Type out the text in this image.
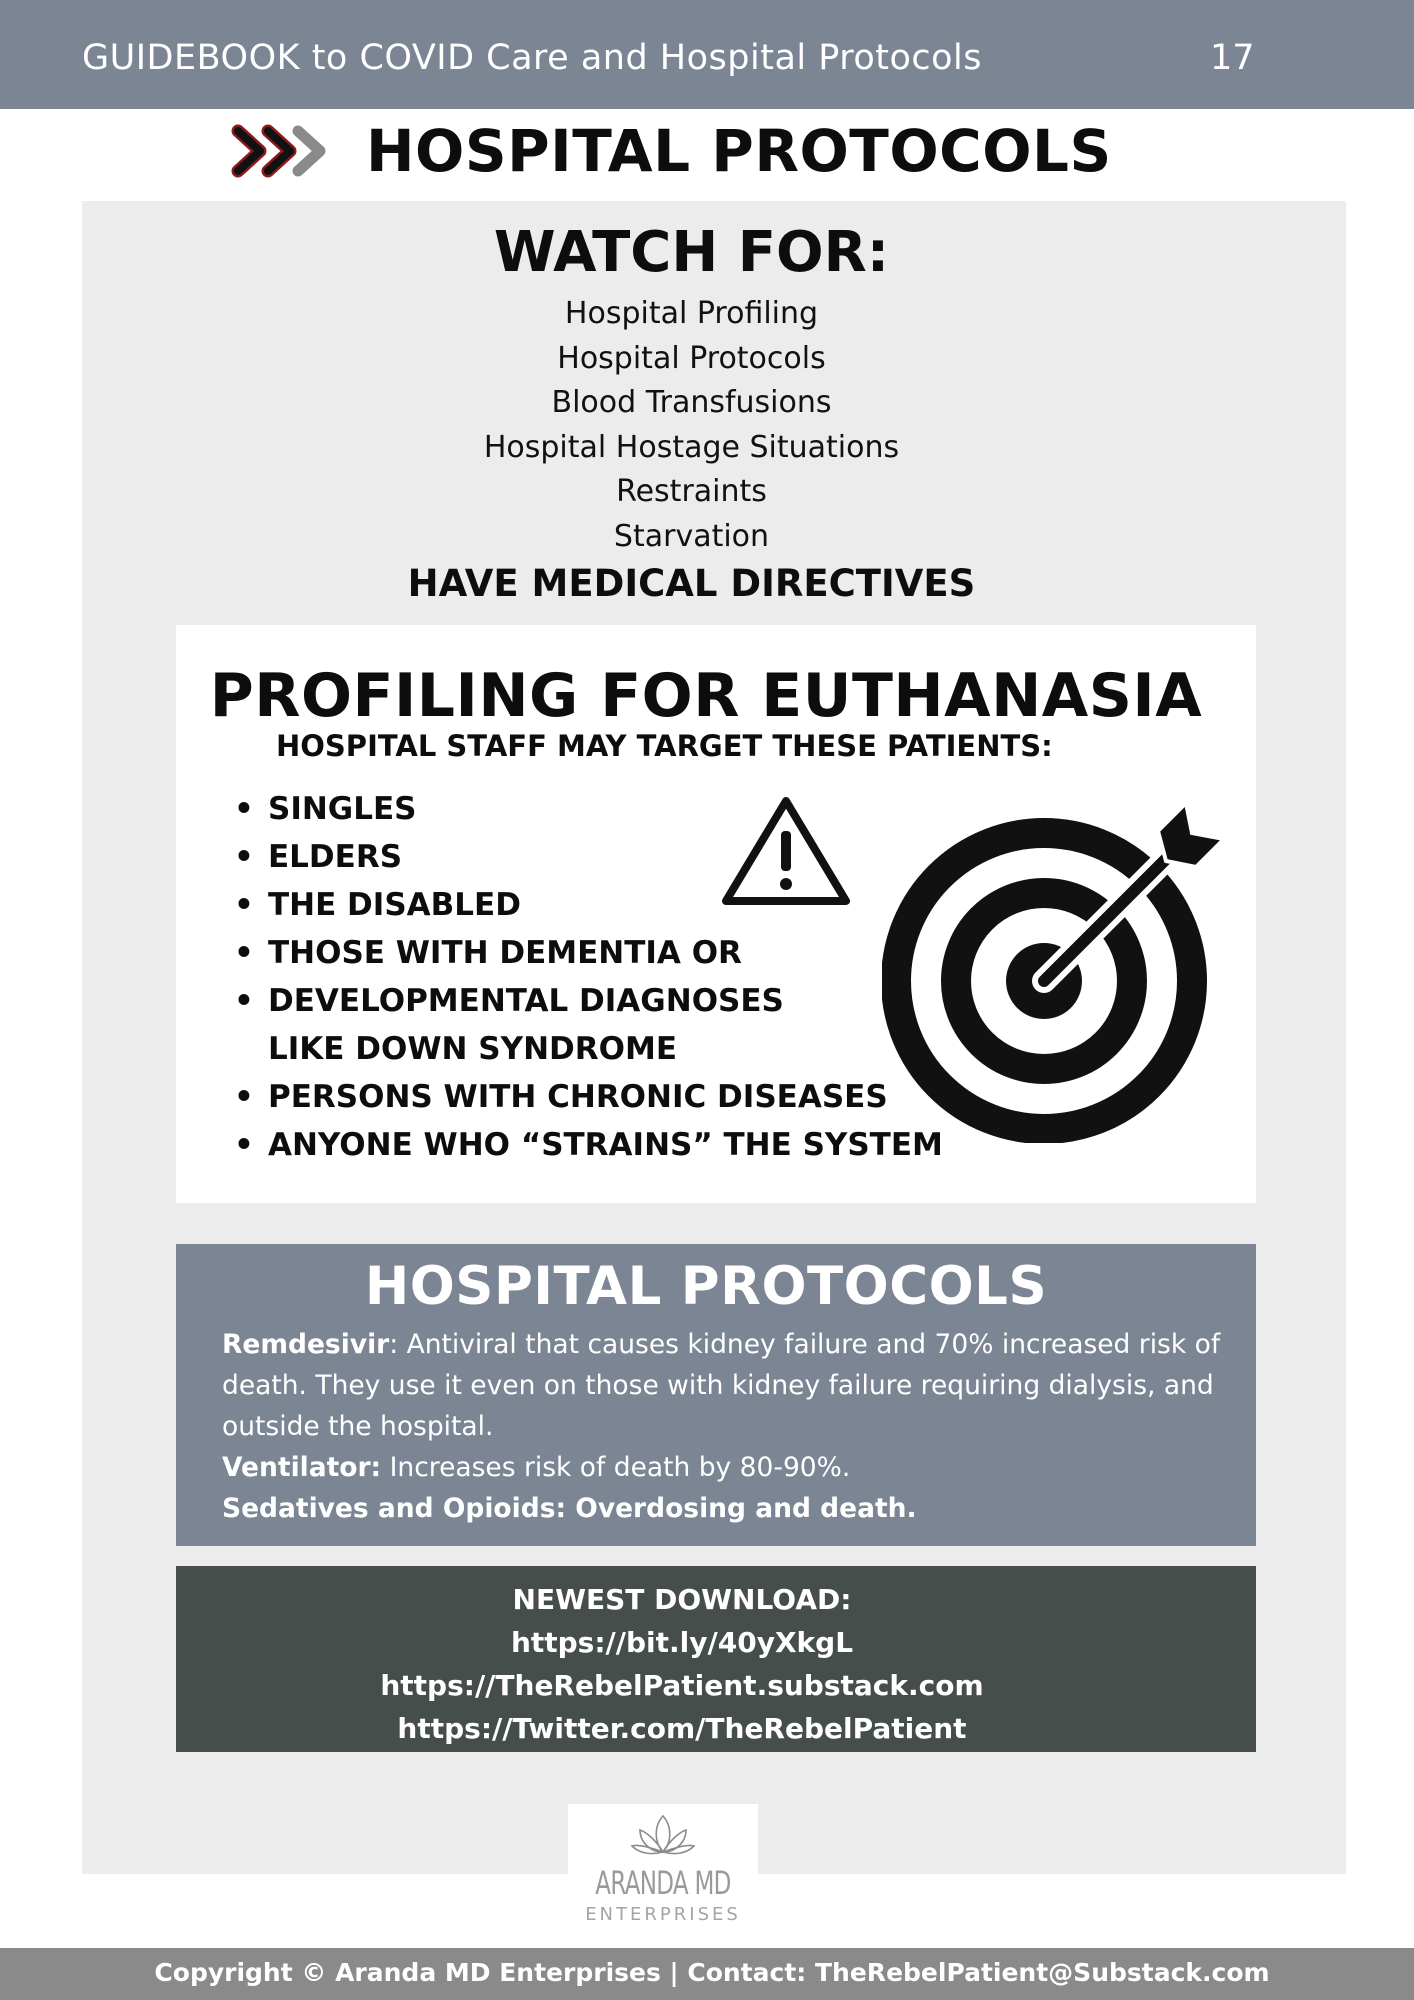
GUIDEBOOK to COVID Care and Hospital Protocols	17
HOSPITAL PROTOCOLS
WATCH FOR:
Hospital Profiling
Hospital Protocols
Blood Transfusions
Hospital Hostage Situations
Restraints
Starvation
HAVE MEDICAL DIRECTIVES
PROFILING FOR EUTHANASIA
HOSPITAL STAFF MAY TARGET THESE PATIENTS:
• SINGLES
• ELDERS
• THE DISABLED
• THOSE WITH DEMENTIA OR
• DEVELOPMENTAL DIAGNOSES
LIKE DOWN SYNDROME
• PERSONS WITH CHRONIC DISEASES
• ANYONE WHO “STRAINS” THE SYSTEM
HOSPITAL PROTOCOLS

Remdesivir: Antiviral that causes kidney failure and 70% increased risk of death. They use it even on those with kidney failure requiring dialysis, and outside the hospital.

Ventilator: Increases risk of death by 80-90%.

Sedatives and Opioids: Overdosing and death.

NEWEST DOWNLOAD:
https://bit.ly/40yXkgL
https://TheRebelPatient.substack.com
https://Twitter.com/TheRebelPatient
ARANDA MD
ENTERPRISES
Copyright © Aranda MD Enterprises | Contact: TheRebelPatient@Substack.com
